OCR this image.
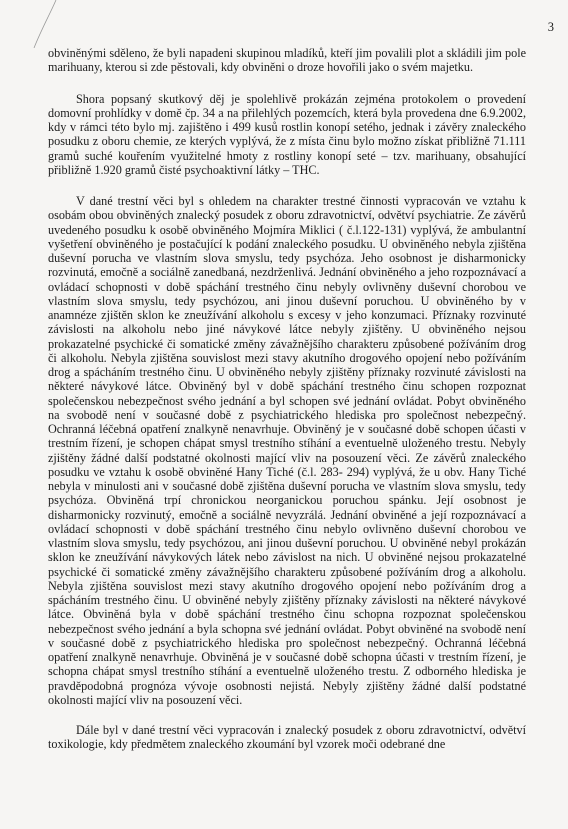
3

obviněnými sděleno, že byli napadeni skupinou mladíků, kteří jim povalili plot a skládili jim pole marihuany, kterou si zde pěstovali, kdy obviněni o droze hovořili jako o svém majetku.

Shora popsaný skutkový děj je spolehlivě prokázán zejména protokolem o provedení domovní prohlídky v domě čp. 34 a na přilehlých pozemcích, která byla provedena dne 6.9.2002, kdy v rámci této bylo mj. zajištěno i 499 kusů rostlin konopí setého, jednak i závěry znaleckého posudku z oboru chemie, ze kterých vyplývá, že z místa činu bylo možno získat přibližně 71.111 gramů suché kouřením využitelné hmoty z rostliny konopí seté – tzv. marihuany, obsahující přibližně 1.920 gramů čisté psychoaktivní látky – THC.

V dané trestní věci byl s ohledem na charakter trestné činnosti vypracován ve vztahu k osobám obou obviněných znalecký posudek z oboru zdravotnictví, odvětví psychiatrie. Ze závěrů uvedeného posudku k osobě obviněného Mojmíra Miklici ( č.l.122-131) vyplývá, že ambulantní vyšetření obviněného je postačující k podání znaleckého posudku. U obviněného nebyla zjištěna duševní porucha ve vlastním slova smyslu, tedy psychóza. Jeho osobnost je disharmonicky rozvinutá, emočně a sociálně zanedbaná, nezdrženlivá. Jednání obviněného a jeho rozpoznávací a ovládací schopnosti v době spáchání trestného činu nebyly ovlivněny duševní chorobou ve vlastním slova smyslu, tedy psychózou, ani jinou duševní poruchou. U obviněného by v anamnéze zjištěn sklon ke zneužívání alkoholu s excesy v jeho konzumaci. Příznaky rozvinuté závislosti na alkoholu nebo jiné návykové látce nebyly zjištěny. U obviněného nejsou prokazatelné psychické či somatické změny závažnějšího charakteru způsobené požíváním drog či alkoholu. Nebyla zjištěna souvislost mezi stavy akutního drogového opojení nebo požíváním drog a spácháním trestného činu. U obviněného nebyly zjištěny příznaky rozvinuté závislosti na některé návykové látce. Obviněný byl v době spáchání trestného činu schopen rozpoznat společenskou nebezpečnost svého jednání a byl schopen své jednání ovládat. Pobyt obviněného na svobodě není v současné době z psychiatrického hlediska pro společnost nebezpečný. Ochranná léčebná opatření znalkyně nenavrhuje. Obviněný je v současné době schopen účasti v trestním řízení, je schopen chápat smysl trestního stíhání a eventuelně uloženého trestu. Nebyly zjištěny žádné další podstatné okolnosti mající vliv na posouzení věci. Ze závěrů znaleckého posudku ve vztahu k osobě obviněné Hany Tiché (č.l. 283- 294) vyplývá, že u obv. Hany Tiché nebyla v minulosti ani v současné době zjištěna duševní porucha ve vlastním slova smyslu, tedy psychóza. Obviněná trpí chronickou neorganickou poruchou spánku. Její osobnost je disharmonicky rozvinutý, emočně a sociálně nevyzrálá. Jednání obviněné a její rozpoznávací a ovládací schopnosti v době spáchání trestného činu nebylo ovlivněno duševní chorobou ve vlastním slova smyslu, tedy psychózou, ani jinou duševní poruchou. U obviněné nebyl prokázán sklon ke zneužívání návykových látek nebo závislost na nich. U obviněné nejsou prokazatelné psychické či somatické změny závažnějšího charakteru způsobené požíváním drog a alkoholu. Nebyla zjištěna souvislost mezi stavy akutního drogového opojení nebo požíváním drog a spácháním trestného činu. U obviněné nebyly zjištěny příznaky závislosti na některé návykové látce. Obviněná byla v době spáchání trestného činu schopna rozpoznat společenskou nebezpečnost svého jednání a byla schopna své jednání ovládat. Pobyt obviněné na svobodě není v současné době z psychiatrického hlediska pro společnost nebezpečný. Ochranná léčebná opatření znalkyně nenavrhuje. Obviněná je v současné době schopna účasti v trestním řízení, je schopna chápat smysl trestního stíhání a eventuelně uloženého trestu. Z odborného hlediska je pravděpodobná prognóza vývoje osobnosti nejistá. Nebyly zjištěny žádné další podstatné okolnosti mající vliv na posouzení věci.

Dále byl v dané trestní věci vypracován i znalecký posudek z oboru zdravotnictví, odvětví toxikologie, kdy předmětem znaleckého zkoumání byl vzorek moči odebrané dne
